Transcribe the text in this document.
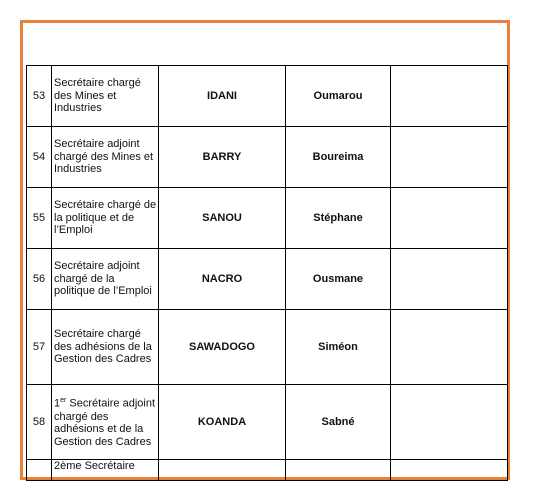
53	Secrétaire chargé des Mines et Industries	IDANI	Oumarou	
54	Secrétaire adjoint chargé des Mines et Industries	BARRY	Boureima	
55	Secrétaire chargé de la politique et de l’Emploi	SANOU	Stéphane	
56	Secrétaire adjoint chargé de la politique de l’Emploi	NACRO	Ousmane	
57	Secrétaire chargé des adhésions de la Gestion des Cadres	SAWADOGO	Siméon	
58	1er Secrétaire adjoint chargé des adhésions et de la Gestion des Cadres	KOANDA	Sabné	
	2ème Secrétaire			
